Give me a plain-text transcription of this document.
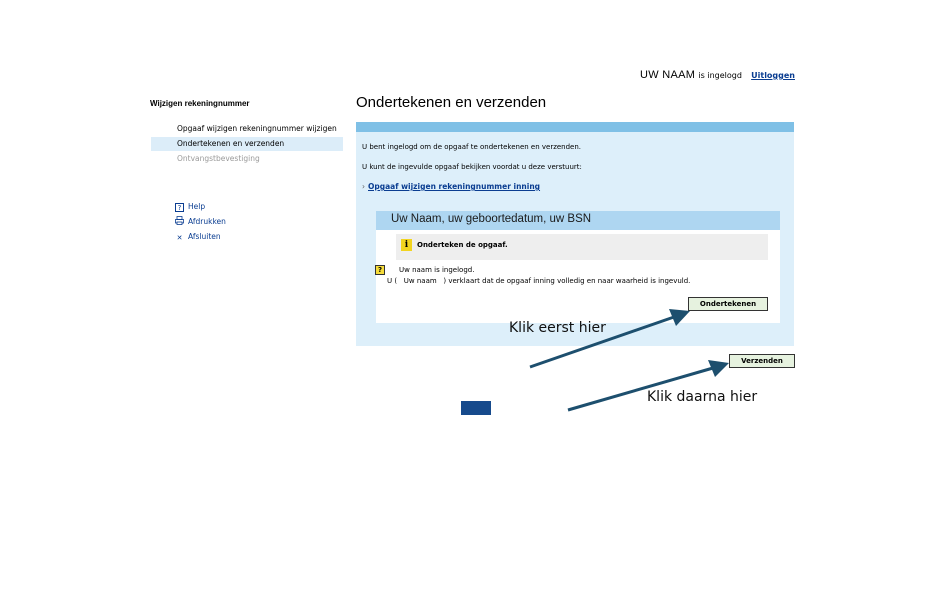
UW NAAM is ingelogd Uitloggen
Wijzigen rekeningnummer
Opgaaf wijzigen rekeningnummer wijzigen
Ondertekenen en verzenden
Ontvangstbevestiging
? Help
Afdrukken
✕ Afsluiten
Ondertekenen en verzenden
U bent ingelogd om de opgaaf te ondertekenen en verzenden.
U kunt de ingevulde opgaaf bekijken voordat u deze verstuurt:
› Opgaaf wijzigen rekeningnummer inning
Uw Naam, uw geboortedatum, uw BSN
i	Onderteken de opgaaf.
?	Uw naam is ingelogd.
U ( Uw naam ) verklaart dat de opgaaf inning volledig en naar waarheid is ingevuld.
Ondertekenen
Verzenden
Klik eerst hier
Klik daarna hier
